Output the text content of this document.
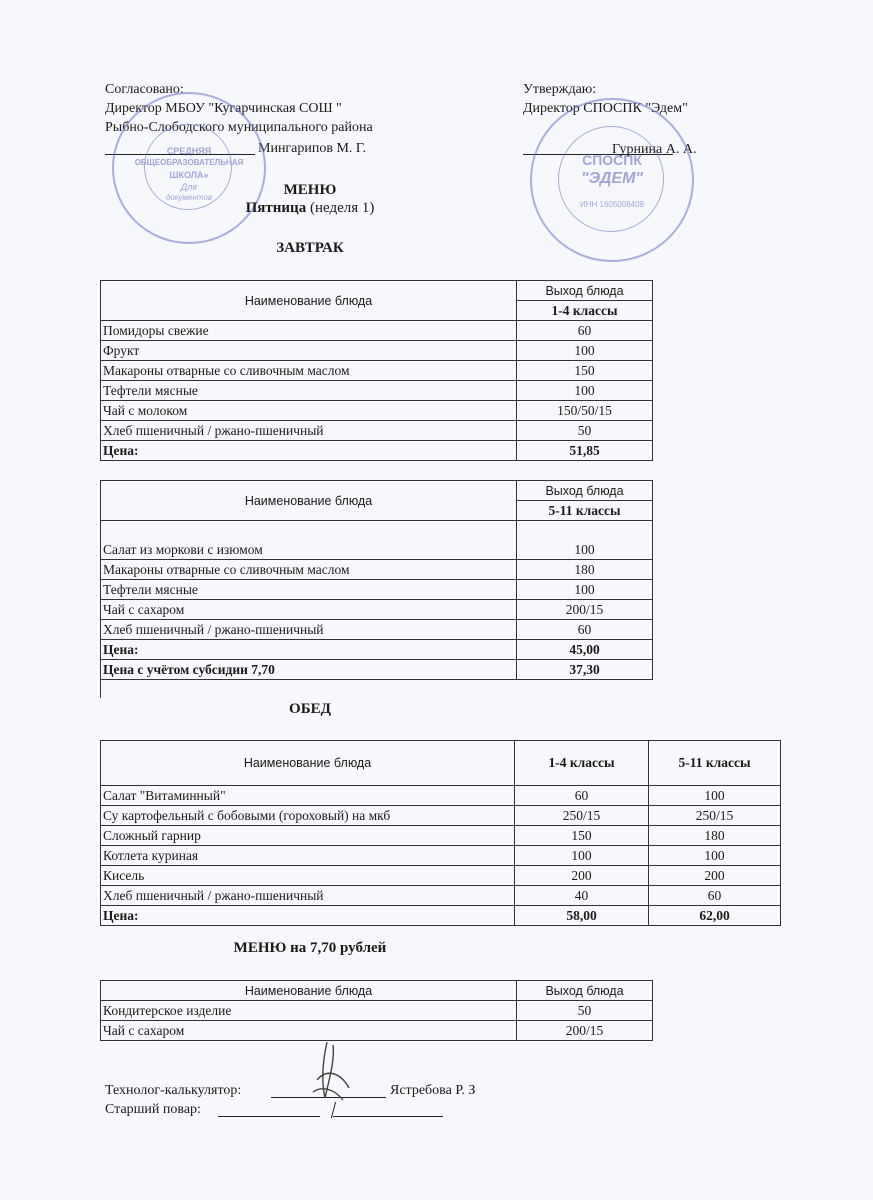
Согласовано:
Директор МБОУ "Кугарчинская СОШ "
Рыбно-Слободского муниципального района
Мингарипов М. Г.
Утверждаю:
Директор СПОСПК "Эдем"
Гурнина А. А.
СРЕДНЯЯ
ОБЩЕОБРАЗОВАТЕЛЬНАЯ
ШКОЛА»
Для
документов
СПОСПК
"ЭДЕМ"
ИНН 1605008409
МЕНЮ
Пятница (неделя 1)
ЗАВТРАК
Наименование блюда	Выход блюда
	1-4 классы
Помидоры свежие	60
Фрукт	100
Макароны отварные со сливочным маслом	150
Тефтели мясные	100
Чай с молоком	150/50/15
Хлеб пшеничный / ржано-пшеничный	50
Цена:	51,85
Наименование блюда	Выход блюда
	5-11 классы
Салат из моркови с изюмом	100
Макароны отварные со сливочным маслом	180
Тефтели мясные	100
Чай с сахаром	200/15
Хлеб пшеничный / ржано-пшеничный	60
Цена:	45,00
Цена с учётом субсидии 7,70	37,30
ОБЕД
Наименование блюда	1-4 классы	5-11 классы
Салат "Витаминный"	60	100
Су картофельный с бобовыми (гороховый) на мкб	250/15	250/15
Сложный гарнир	150	180
Котлета куриная	100	100
Кисель	200	200
Хлеб пшеничный / ржано-пшеничный	40	60
Цена:	58,00	62,00
МЕНЮ на 7,70 рублей
Наименование блюда	Выход блюда
Кондитерское изделие	50
Чай с сахаром	200/15
Технолог-калькулятор:	Ястребова Р. З
Старший повар:
